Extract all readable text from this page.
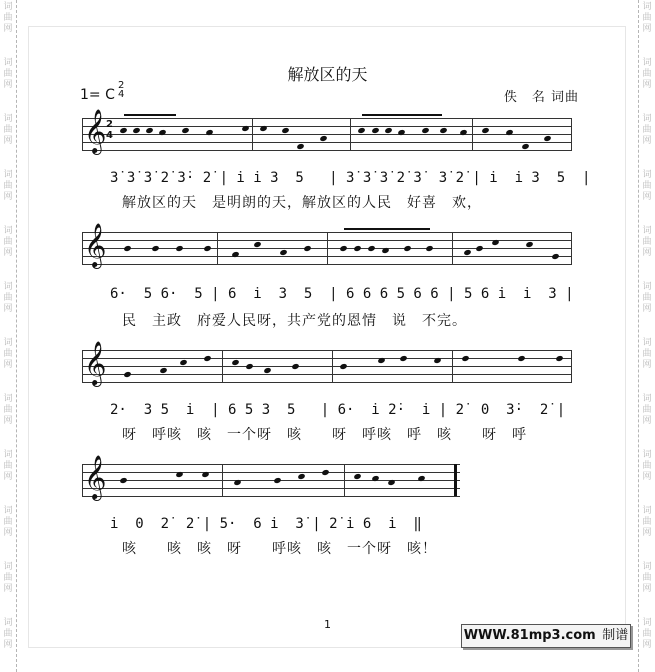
词
曲
网
词
曲
网
词
曲
网
词
曲
网
词
曲
网
词
曲
网
词
曲
网
词
曲
网
词
曲
网
词
曲
网
词
曲
网
词
曲
网
词
曲
网
词
曲
网
词
曲
网
词
曲
网
词
曲
网
词
曲
网
词
曲
网
词
曲
网
词
曲
网
词
曲
网
词
曲
网
词
曲
网
解放区的天
1= C
2
4	佚　名 词曲
𝄞 2
4
3̇ 3̇ 3̇ 2̇ 3̇· 2̇ | i̇ i̇ 3  5   | 3̇ 3̇ 3̇ 2̇ 3̇  3̇ 2̇ | i̇  i̇ 3  5  |
解放区的天　是明朗的天，解放区的人民　好喜　欢，
𝄞
6·  5 6·  5 | 6  i̇  3  5  | 6 6 6 5 6 6 | 5 6 i̇  i̇  3 |
民　主政　府爱人民呀，共产党的恩情　说　不完。
𝄞
2·  3 5  i̇  | 6 5 3  5   | 6·  i̇ 2̇·  i̇ | 2̇  0  3̇·  2̇ |
呀　呼咳　咳　一个呀　咳　　呀　呼咳　呼　咳　　呀　呼
𝄞
i̇  0  2̇  2̇ | 5·  6 i̇  3̇ | 2̇ i̇ 6  i̇  ‖
咳　　咳　咳　呀　　呼咳　咳　一个呀　咳！
1
WWW.81mp3.com 制谱
